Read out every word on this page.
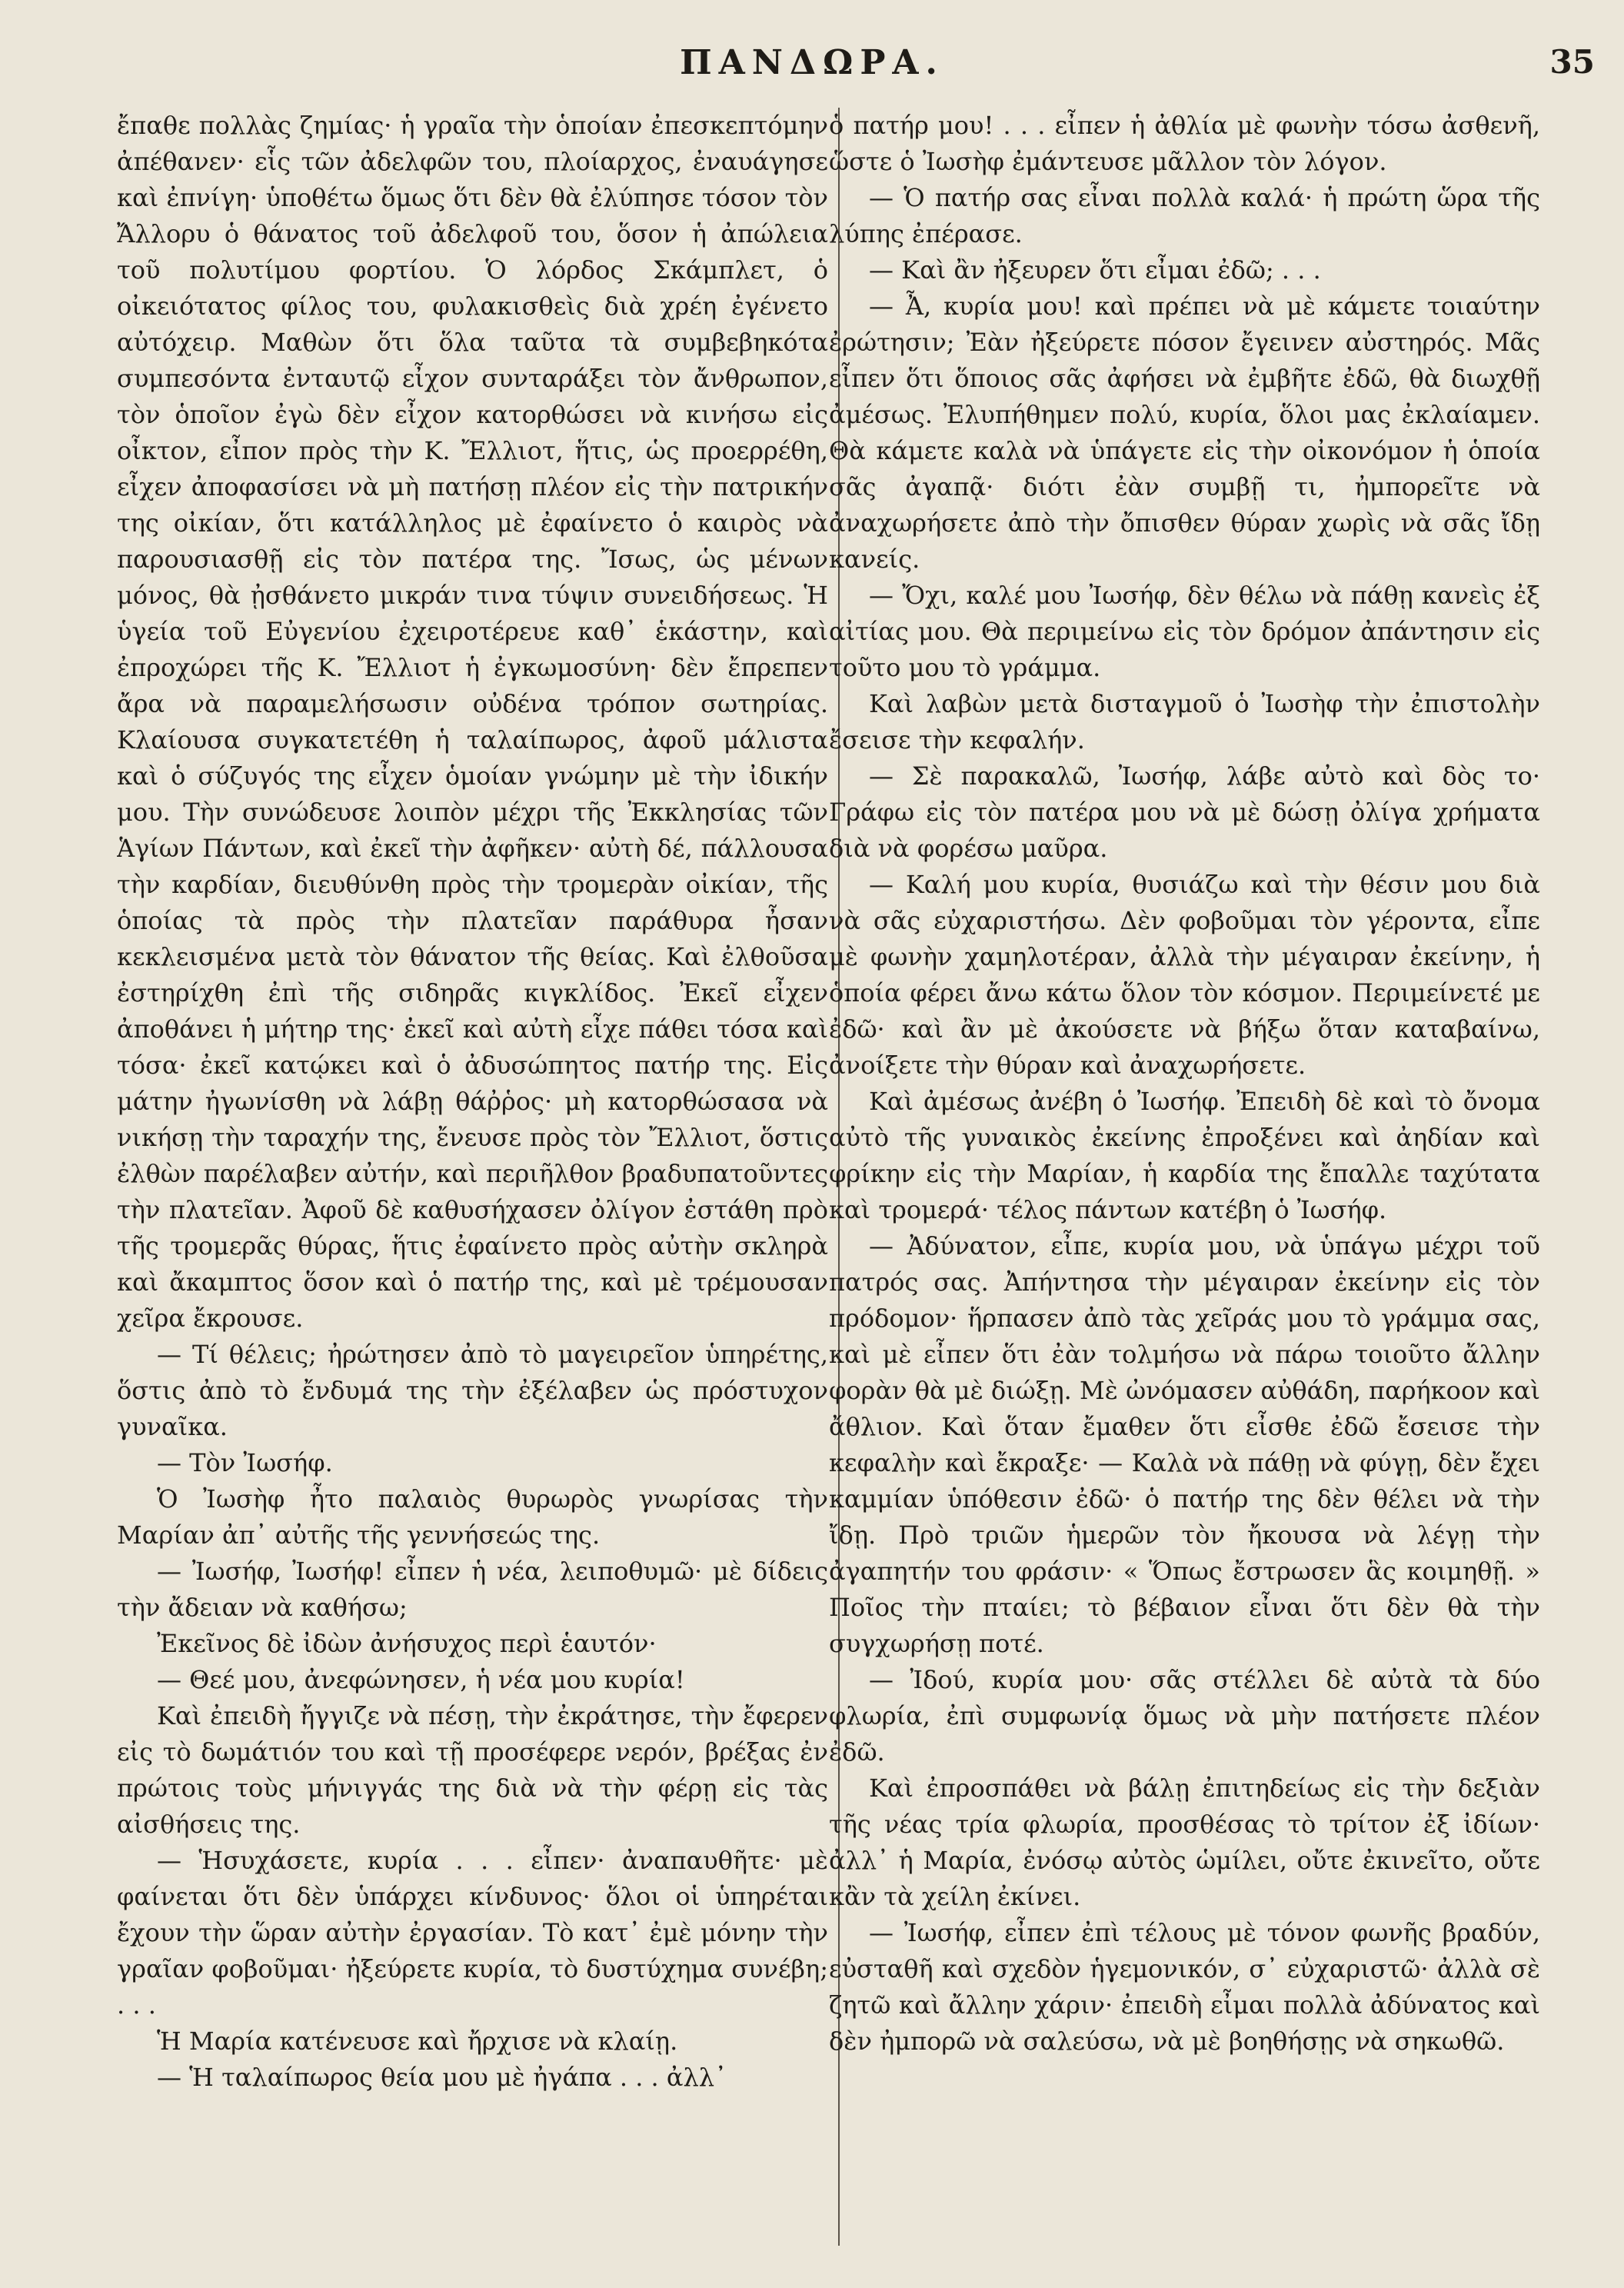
ΠΑΝΔΩΡΑ.	35

ἔπαθε πολλὰς ζημίας· ἡ γραῖα τὴν ὁποίαν ἐπεσκεπτόμην ἀπέθανεν· εἷς τῶν ἀδελφῶν του, πλοίαρχος, ἐναυάγησε καὶ ἐπνίγη· ὑποθέτω ὅμως ὅτι δὲν θὰ ἐλύπησε τόσον τὸν Ἄλλορυ ὁ θάνατος τοῦ ἀδελφοῦ του, ὅσον ἡ ἀπώλεια τοῦ πολυτίμου φορτίου. Ὁ λόρδος Σκάμπλετ, ὁ οἰκειότατος φίλος του, φυλακισθεὶς διὰ χρέη ἐγένετο αὐτόχειρ. Μαθὼν ὅτι ὅλα ταῦτα τὰ συμβεβηκότα συμπεσόντα ἐνταυτῷ εἶχον συνταράξει τὸν ἄνθρωπον, τὸν ὁποῖον ἐγὼ δὲν εἶχον κατορθώσει νὰ κινήσω εἰς οἶκτον, εἶπον πρὸς τὴν Κ. Ἔλλιοτ, ἥτις, ὡς προερρέθη, εἶχεν ἀποφασίσει νὰ μὴ πατήσῃ πλέον εἰς τὴν πατρικήν της οἰκίαν, ὅτι κατάλληλος μὲ ἐφαίνετο ὁ καιρὸς νὰ παρουσιασθῇ εἰς τὸν πατέρα της. Ἴσως, ὡς μένων μόνος, θὰ ᾐσθάνετο μικράν τινα τύψιν συνειδήσεως. Ἡ ὑγεία τοῦ Εὐγενίου ἐχειροτέρευε καθ᾽ ἑκάστην, καὶ ἐπροχώρει τῆς Κ. Ἔλλιοτ ἡ ἐγκωμοσύνη· δὲν ἔπρεπεν ἄρα νὰ παραμελήσωσιν οὐδένα τρόπον σωτηρίας. Κλαίουσα συγκατετέθη ἡ ταλαίπωρος, ἀφοῦ μάλιστα καὶ ὁ σύζυγός της εἶχεν ὁμοίαν γνώμην μὲ τὴν ἰδικήν μου. Τὴν συνώδευσε λοιπὸν μέχρι τῆς Ἐκκλησίας τῶν Ἁγίων Πάντων, καὶ ἐκεῖ τὴν ἀφῆκεν· αὐτὴ δέ, πάλλουσα τὴν καρδίαν, διευθύνθη πρὸς τὴν τρομερὰν οἰκίαν, τῆς ὁποίας τὰ πρὸς τὴν πλατεῖαν παράθυρα ἦσαν κεκλεισμένα μετὰ τὸν θάνατον τῆς θείας. Καὶ ἐλθοῦσα ἐστηρίχθη ἐπὶ τῆς σιδηρᾶς κιγκλίδος. Ἐκεῖ εἶχεν ἀποθάνει ἡ μήτηρ της· ἐκεῖ καὶ αὐτὴ εἶχε πάθει τόσα καὶ τόσα· ἐκεῖ κατῴκει καὶ ὁ ἀδυσώπητος πατήρ της. Εἰς μάτην ἠγωνίσθη νὰ λάβῃ θάῤῥος· μὴ κατορθώσασα νὰ νικήσῃ τὴν ταραχήν της, ἔνευσε πρὸς τὸν Ἔλλιοτ, ὅστις ἐλθὼν παρέλαβεν αὐτήν, καὶ περιῆλθον βραδυπατοῦντες τὴν πλατεῖαν. Ἀφοῦ δὲ καθυσήχασεν ὀλίγον ἐστάθη πρὸ τῆς τρομερᾶς θύρας, ἥτις ἐφαίνετο πρὸς αὐτὴν σκληρὰ καὶ ἄκαμπτος ὅσον καὶ ὁ πατήρ της, καὶ μὲ τρέμουσαν χεῖρα ἔκρουσε.

— Τί θέλεις; ἠρώτησεν ἀπὸ τὸ μαγειρεῖον ὑπηρέτης, ὅστις ἀπὸ τὸ ἔνδυμά της τὴν ἐξέλαβεν ὡς πρόστυχον γυναῖκα.

— Τὸν Ἰωσήφ.

Ὁ Ἰωσὴφ ἦτο παλαιὸς θυρωρὸς γνωρίσας τὴν Μαρίαν ἀπ᾽ αὐτῆς τῆς γεννήσεώς της.

— Ἰωσήφ, Ἰωσήφ! εἶπεν ἡ νέα, λειποθυμῶ· μὲ δίδεις τὴν ἄδειαν νὰ καθήσω;

Ἐκεῖνος δὲ ἰδὼν ἀνήσυχος περὶ ἑαυτόν·

— Θεέ μου, ἀνεφώνησεν, ἡ νέα μου κυρία!

Καὶ ἐπειδὴ ἤγγιζε νὰ πέσῃ, τὴν ἐκράτησε, τὴν ἔφερεν εἰς τὸ δωμάτιόν του καὶ τῇ προσέφερε νερόν, βρέξας ἐν πρώτοις τοὺς μήνιγγάς της διὰ νὰ τὴν φέρῃ εἰς τὰς αἰσθήσεις της.

— Ἡσυχάσετε, κυρία . . . εἶπεν· ἀναπαυθῆτε· μὲ φαίνεται ὅτι δὲν ὑπάρχει κίνδυνος· ὅλοι οἱ ὑπηρέται ἔχουν τὴν ὥραν αὐτὴν ἐργασίαν. Τὸ κατ᾽ ἐμὲ μόνην τὴν γραῖαν φοβοῦμαι· ἠξεύρετε κυρία, τὸ δυστύχημα συνέβη; . . .

Ἡ Μαρία κατένευσε καὶ ἤρχισε νὰ κλαίῃ.

— Ἡ ταλαίπωρος θεία μου μὲ ἠγάπα . . . ἀλλ᾽

ὁ πατήρ μου! . . . εἶπεν ἡ ἀθλία μὲ φωνὴν τόσω ἀσθενῆ, ὥστε ὁ Ἰωσὴφ ἐμάντευσε μᾶλλον τὸν λόγον.

— Ὁ πατήρ σας εἶναι πολλὰ καλά· ἡ πρώτη ὥρα τῆς λύπης ἐπέρασε.

— Καὶ ἂν ἠξευρεν ὅτι εἶμαι ἐδῶ; . . .

— Ἆ, κυρία μου! καὶ πρέπει νὰ μὲ κάμετε τοιαύτην ἐρώτησιν; Ἐὰν ἠξεύρετε πόσον ἔγεινεν αὐστηρός. Μᾶς εἶπεν ὅτι ὅποιος σᾶς ἀφήσει νὰ ἐμβῆτε ἐδῶ, θὰ διωχθῇ ἀμέσως. Ἐλυπήθημεν πολύ, κυρία, ὅλοι μας ἐκλαίαμεν. Θὰ κάμετε καλὰ νὰ ὑπάγετε εἰς τὴν οἰκονόμον ἡ ὁποία σᾶς ἀγαπᾷ· διότι ἐὰν συμβῇ τι, ἠμπορεῖτε νὰ ἀναχωρήσετε ἀπὸ τὴν ὄπισθεν θύραν χωρὶς νὰ σᾶς ἴδῃ κανείς.

— Ὄχι, καλέ μου Ἰωσήφ, δὲν θέλω νὰ πάθῃ κανεὶς ἐξ αἰτίας μου. Θὰ περιμείνω εἰς τὸν δρόμον ἀπάντησιν εἰς τοῦτο μου τὸ γράμμα.

Καὶ λαβὼν μετὰ δισταγμοῦ ὁ Ἰωσὴφ τὴν ἐπιστολὴν ἔσεισε τὴν κεφαλήν.

— Σὲ παρακαλῶ, Ἰωσήφ, λάβε αὐτὸ καὶ δὸς το· Γράφω εἰς τὸν πατέρα μου νὰ μὲ δώσῃ ὀλίγα χρήματα διὰ νὰ φορέσω μαῦρα.

— Καλή μου κυρία, θυσιάζω καὶ τὴν θέσιν μου διὰ νὰ σᾶς εὐχαριστήσω. Δὲν φοβοῦμαι τὸν γέροντα, εἶπε μὲ φωνὴν χαμηλοτέραν, ἀλλὰ τὴν μέγαιραν ἐκείνην, ἡ ὁποία φέρει ἄνω κάτω ὅλον τὸν κόσμον. Περιμείνετέ με ἐδῶ· καὶ ἂν μὲ ἀκούσετε νὰ βήξω ὅταν καταβαίνω, ἀνοίξετε τὴν θύραν καὶ ἀναχωρήσετε.

Καὶ ἀμέσως ἀνέβη ὁ Ἰωσήφ. Ἐπειδὴ δὲ καὶ τὸ ὄνομα αὐτὸ τῆς γυναικὸς ἐκείνης ἐπροξένει καὶ ἀηδίαν καὶ φρίκην εἰς τὴν Μαρίαν, ἡ καρδία της ἔπαλλε ταχύτατα καὶ τρομερά· τέλος πάντων κατέβη ὁ Ἰωσήφ.

— Ἀδύνατον, εἶπε, κυρία μου, νὰ ὑπάγω μέχρι τοῦ πατρός σας. Ἀπήντησα τὴν μέγαιραν ἐκείνην εἰς τὸν πρόδομον· ἥρπασεν ἀπὸ τὰς χεῖράς μου τὸ γράμμα σας, καὶ μὲ εἶπεν ὅτι ἐὰν τολμήσω νὰ πάρω τοιοῦτο ἄλλην φορὰν θὰ μὲ διώξῃ. Μὲ ὠνόμασεν αὐθάδη, παρήκοον καὶ ἄθλιον. Καὶ ὅταν ἔμαθεν ὅτι εἶσθε ἐδῶ ἔσεισε τὴν κεφαλὴν καὶ ἔκραξε· — Καλὰ νὰ πάθῃ νὰ φύγῃ, δὲν ἔχει καμμίαν ὑπόθεσιν ἐδῶ· ὁ πατήρ της δὲν θέλει νὰ τὴν ἴδῃ. Πρὸ τριῶν ἡμερῶν τὸν ἤκουσα νὰ λέγῃ τὴν ἀγαπητήν του φράσιν· « Ὅπως ἔστρωσεν ἃς κοιμηθῇ. » Ποῖος τὴν πταίει; τὸ βέβαιον εἶναι ὅτι δὲν θὰ τὴν συγχωρήσῃ ποτέ.

— Ἰδού, κυρία μου· σᾶς στέλλει δὲ αὐτὰ τὰ δύο φλωρία, ἐπὶ συμφωνίᾳ ὅμως νὰ μὴν πατήσετε πλέον ἐδῶ.

Καὶ ἐπροσπάθει νὰ βάλῃ ἐπιτηδείως εἰς τὴν δεξιὰν τῆς νέας τρία φλωρία, προσθέσας τὸ τρίτον ἐξ ἰδίων· ἀλλ᾽ ἡ Μαρία, ἐνόσῳ αὐτὸς ὡμίλει, οὔτε ἐκινεῖτο, οὔτε κἂν τὰ χείλη ἐκίνει.

— Ἰωσήφ, εἶπεν ἐπὶ τέλους μὲ τόνον φωνῆς βραδύν, εὐσταθῆ καὶ σχεδὸν ἡγεμονικόν, σ᾽ εὐχαριστῶ· ἀλλὰ σὲ ζητῶ καὶ ἄλλην χάριν· ἐπειδὴ εἶμαι πολλὰ ἀδύνατος καὶ δὲν ἠμπορῶ νὰ σαλεύσω, νὰ μὲ βοηθήσῃς νὰ σηκωθῶ.
